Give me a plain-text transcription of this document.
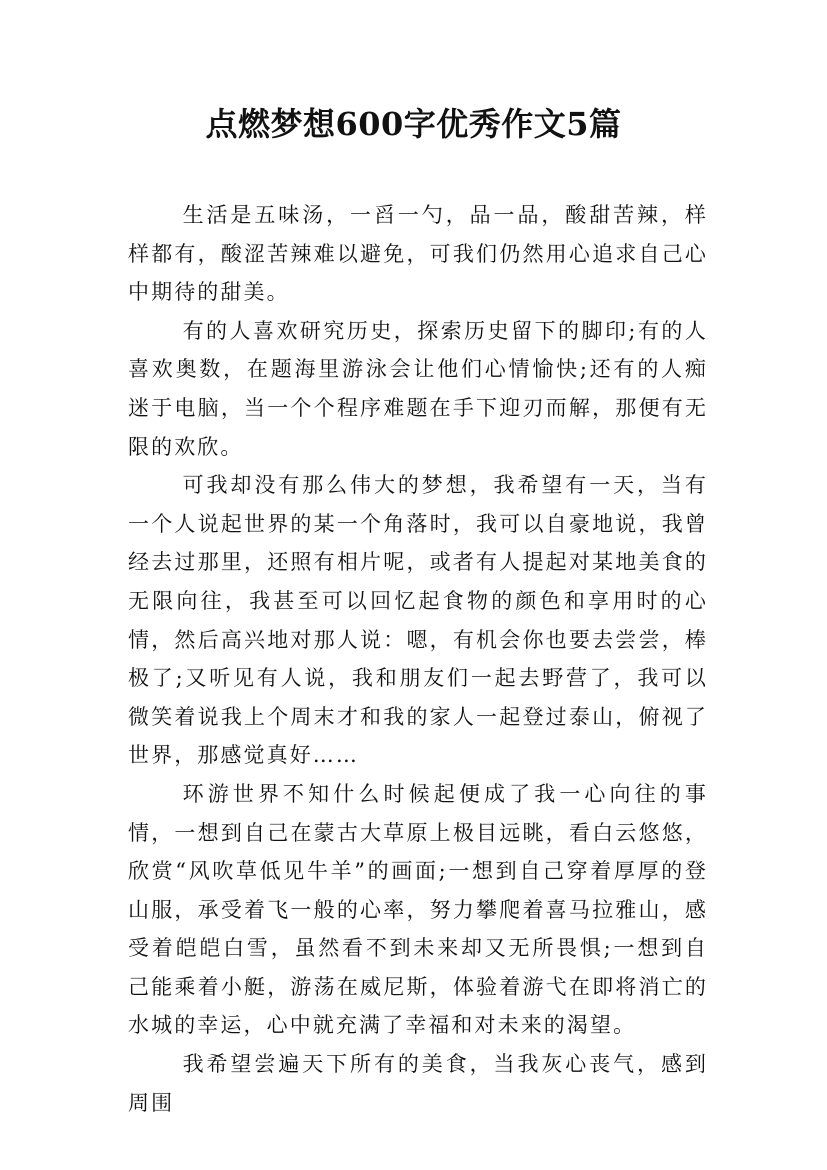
点燃梦想600字优秀作文5篇

生活是五味汤，一舀一勺，品一品，酸甜苦辣，样样都有，酸涩苦辣难以避免，可我们仍然用心追求自己心中期待的甜美。

有的人喜欢研究历史，探索历史留下的脚印;有的人喜欢奥数，在题海里游泳会让他们心情愉快;还有的人痴迷于电脑，当一个个程序难题在手下迎刃而解，那便有无限的欢欣。

可我却没有那么伟大的梦想，我希望有一天，当有一个人说起世界的某一个角落时，我可以自豪地说，我曾经去过那里，还照有相片呢，或者有人提起对某地美食的无限向往，我甚至可以回忆起食物的颜色和享用时的心情，然后高兴地对那人说：嗯，有机会你也要去尝尝，棒极了;又听见有人说，我和朋友们一起去野营了，我可以微笑着说我上个周末才和我的家人一起登过泰山，俯视了世界，那感觉真好……

环游世界不知什么时候起便成了我一心向往的事情，一想到自己在蒙古大草原上极目远眺，看白云悠悠，欣赏“风吹草低见牛羊”的画面;一想到自己穿着厚厚的登山服，承受着飞一般的心率，努力攀爬着喜马拉雅山，感受着皑皑白雪，虽然看不到未来却又无所畏惧;一想到自己能乘着小艇，游荡在威尼斯，体验着游弋在即将消亡的水城的幸运，心中就充满了幸福和对未来的渴望。

我希望尝遍天下所有的美食，当我灰心丧气，感到周围
